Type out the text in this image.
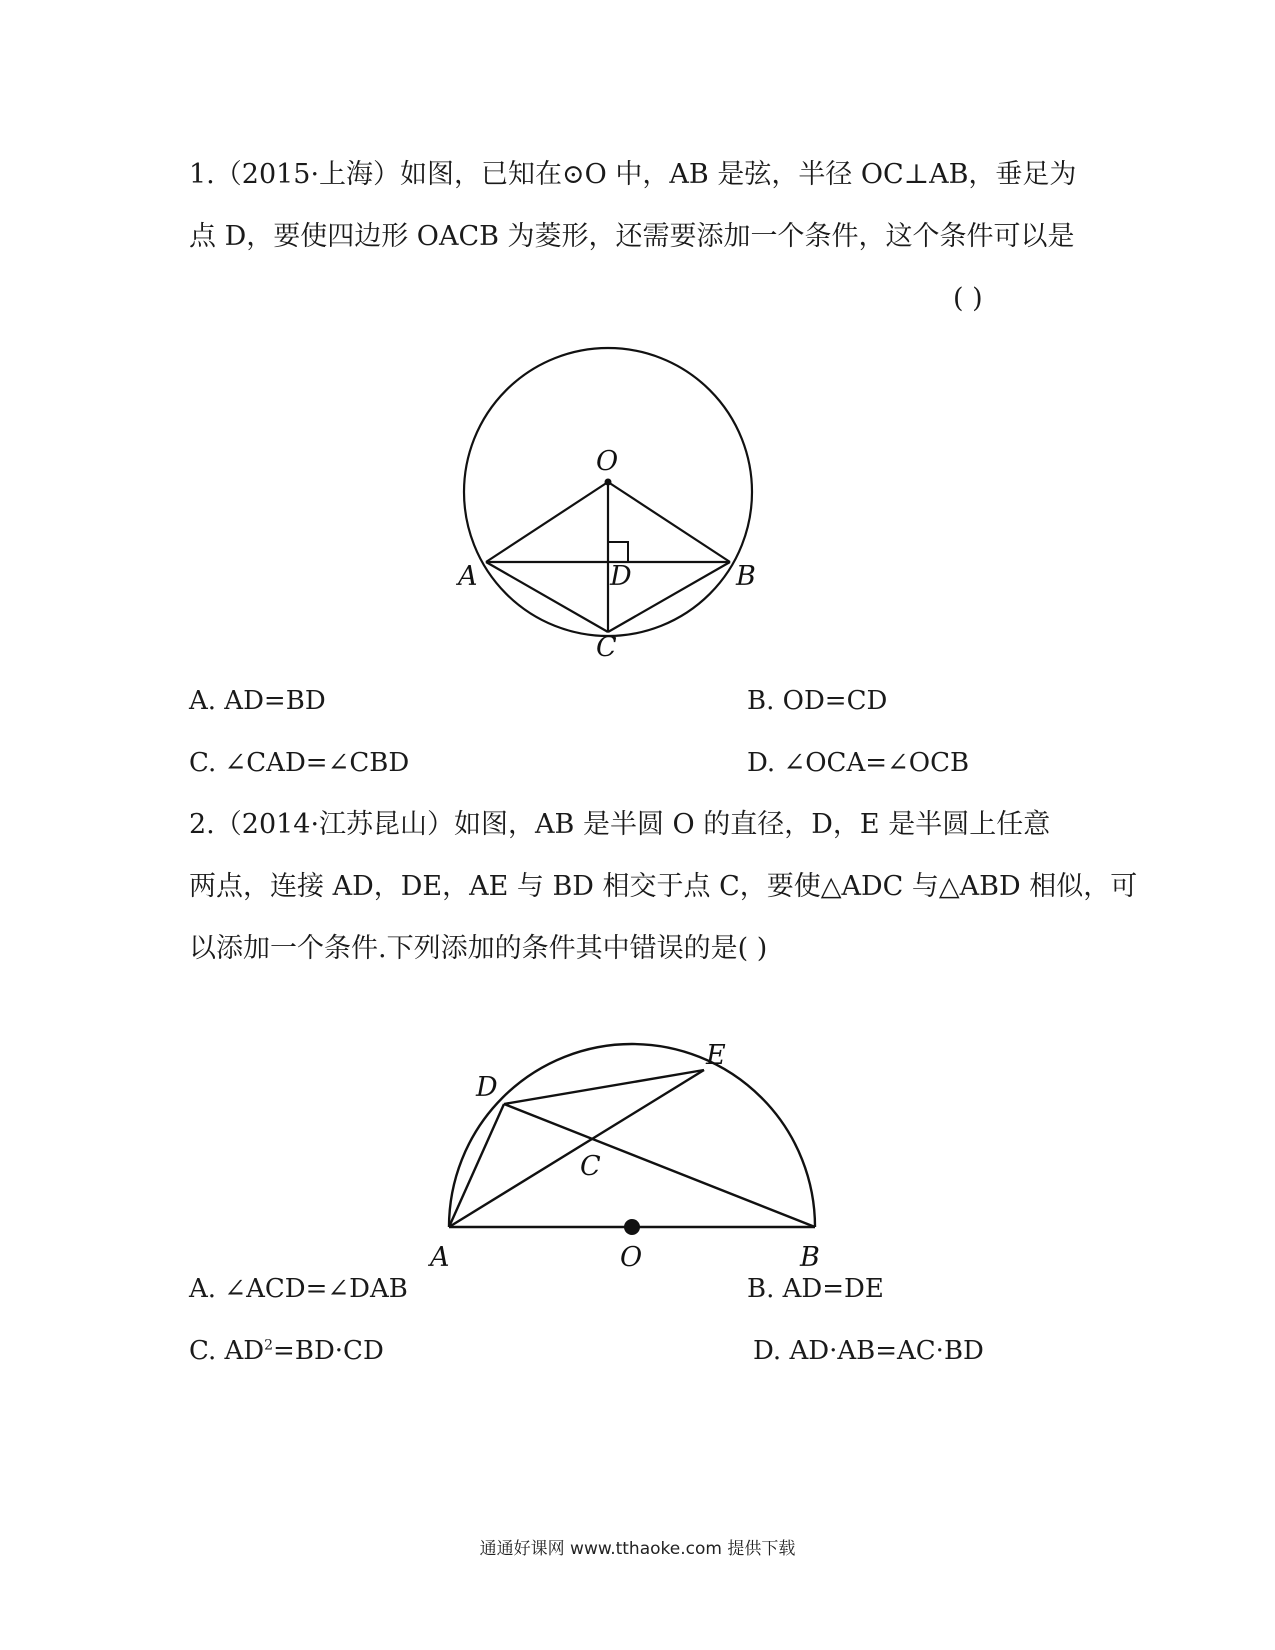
1.（2015·上海）如图，已知在⊙O 中，AB 是弦，半径 OC⊥AB，垂足为
点 D，要使四边形 OACB 为菱形，还需要添加一个条件，这个条件可以是
( )
O
A	B
C
D
A. AD=BD	B. OD=CD
C. ∠CAD=∠CBD	D. ∠OCA=∠OCB
2.（2014·江苏昆山）如图，AB 是半圆 O 的直径，D，E 是半圆上任意
两点，连接 AD，DE，AE 与 BD 相交于点 C，要使△ADC 与△ABD 相似，可
以添加一个条件.下列添加的条件其中错误的是( )
D
E
C
A	O	B
A. ∠ACD=∠DAB	B. AD=DE
C. $AD^2=BD\cdot CD$	D. AD·AB=AC·BD
通通好课网 www.tthaoke.com 提供下载
